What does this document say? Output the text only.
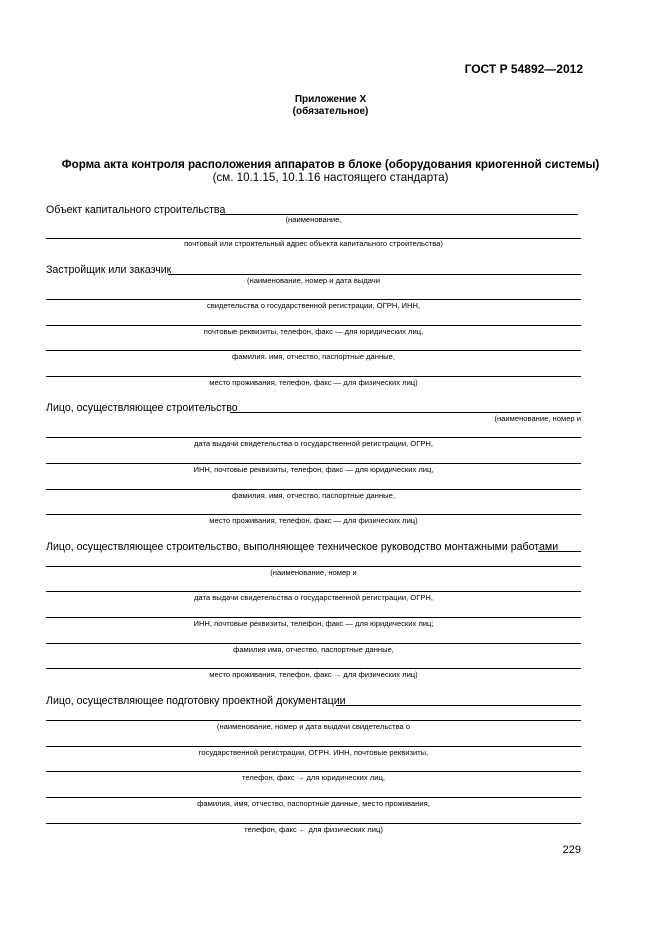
ГОСТ Р 54892—2012
Приложение X
(обязательное)
Форма акта контроля расположения аппаратов в блоке (оборудования криогенной системы)
(см. 10.1.15, 10.1.16 настоящего стандарта)
Объект капитального строительства
(наименование,
почтовый или строительный адрес объекта капитального строительства)
Застройщик или заказчик
(наименование, номер и дата выдачи
свидетельства о государственной регистрации, ОГРН, ИНН,
почтовые реквизиты, телефон, факс — для юридических лиц,
фамилия. имя, отчество, паспортные данные,
место проживания, телефон, факс — для физических лиц)
Лицо, осуществляющее строительство
(наименование, номер и
дата выдачи свидетельства о государственной регистрации, ОГРН,
ИНН, почтовые реквизиты, телефон, факс — для юридических лиц,
фамилия. имя, отчество, паспортные данные,
место проживания, телефон, факс — для физических лиц)
Лицо, осуществляющее строительство, выполняющее техническое руководство монтажными работами
(наименование, номер и
дата выдачи свидетельства о государственной регистрации, ОГРН,
ИНН, почтовые реквизиты, телефон, факс — для юридических лиц;
фамилия имя, отчество, паспортные данные,
место проживания, телефон, факс → для физических лиц)
Лицо, осуществляющее подготовку проектной документации
(наименование, номер и дата выдачи свидетельства о
государственной регистрации, ОГРН. ИНН, почтовые реквизиты,
телефон, факс → для юридических лиц,
фамилия, имя, отчество, паспортные данные, место проживания,
телефон, факс ← для физических лиц)
229
